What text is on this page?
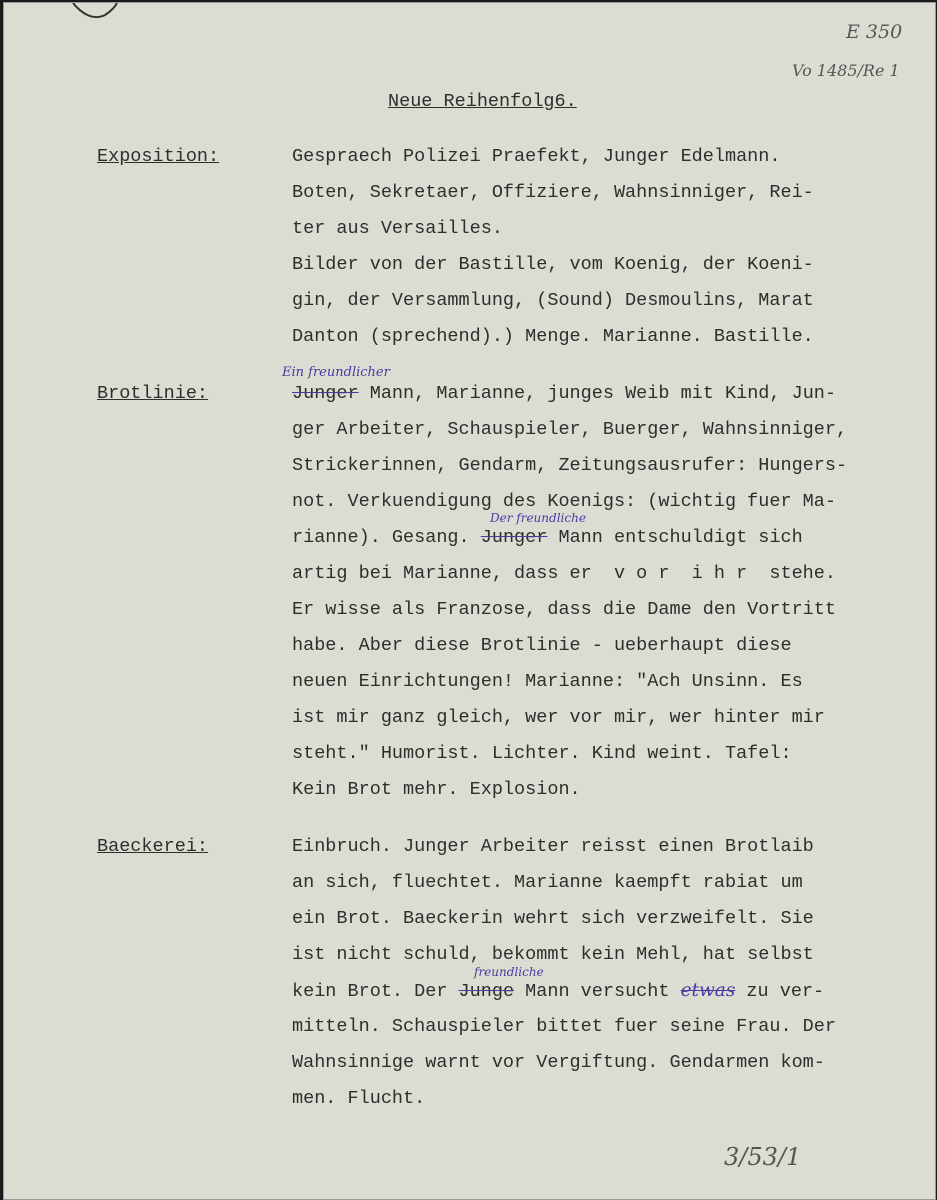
E 350
Vo 1485/Re 1
Neue Reihenfolg6.
Exposition:	Gespraech Polizei Praefekt, Junger Edelmann.
Boten, Sekretaer, Offiziere, Wahnsinniger, Rei-
ter aus Versailles.
Bilder von der Bastille, vom Koenig, der Koeni-
gin, der Versammlung, (Sound) Desmoulins, Marat
Danton (sprechend).) Menge. Marianne. Bastille.
Brotlinie:
Ein freundlicher
Junger Mann, Marianne, junges Weib mit Kind, Jun-
ger Arbeiter, Schauspieler, Buerger, Wahnsinniger,
Strickerinnen, Gendarm, Zeitungsausrufer: Hungers-
not. Verkuendigung des Koenigs: (wichtig fuer Ma-
Der freundliche
rianne). Gesang. Junger Mann entschuldigt sich
artig bei Marianne, dass er  v o r  i h r  stehe.
Er wisse als Franzose, dass die Dame den Vortritt
habe. Aber diese Brotlinie - ueberhaupt diese
neuen Einrichtungen! Marianne: "Ach Unsinn. Es
ist mir ganz gleich, wer vor mir, wer hinter mir
steht." Humorist. Lichter. Kind weint. Tafel:
Kein Brot mehr. Explosion.
Baeckerei:	Einbruch. Junger Arbeiter reisst einen Brotlaib
an sich, fluechtet. Marianne kaempft rabiat um
ein Brot. Baeckerin wehrt sich verzweifelt. Sie
ist nicht schuld, bekommt kein Mehl, hat selbst
freundliche
kein Brot. Der Junge Mann versucht etwas zu ver-
mitteln. Schauspieler bittet fuer seine Frau. Der
Wahnsinnige warnt vor Vergiftung. Gendarmen kom-
men. Flucht.
3/53/1
